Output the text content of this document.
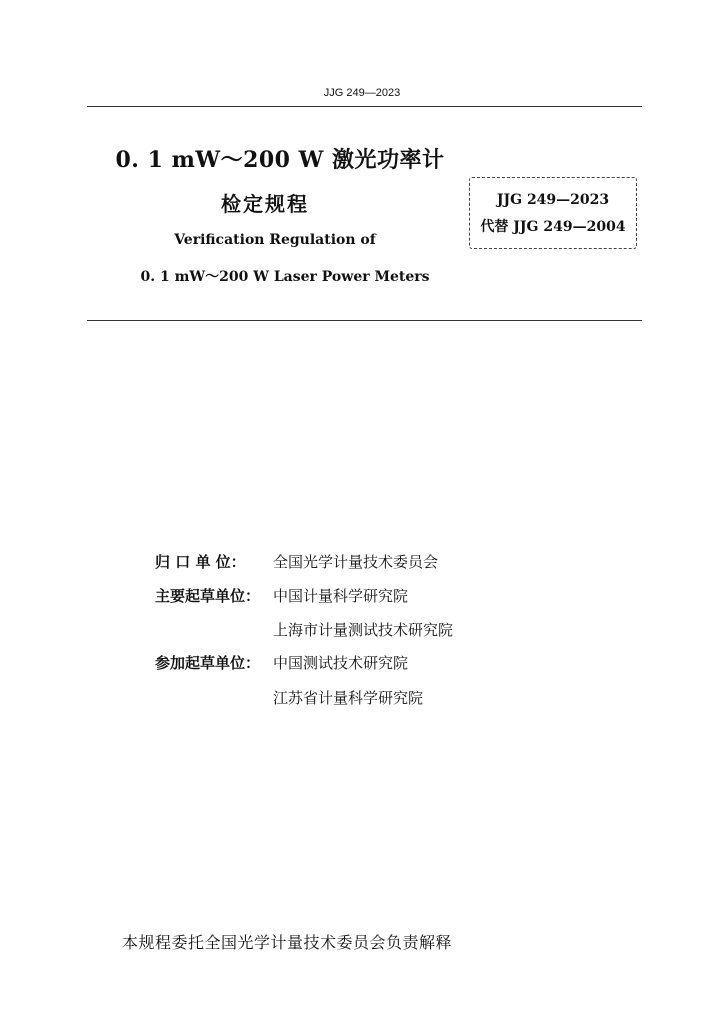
JJG 249—2023
0. 1 mW～200 W 激光功率计
检定规程
Verification Regulation of
0. 1 mW～200 W Laser Power Meters
JJG 249—2023
代替 JJG 249—2004
归 口 单 位： 全国光学计量技术委员会
主要起草单位： 中国计量科学研究院
上海市计量测试技术研究院
参加起草单位： 中国测试技术研究院
江苏省计量科学研究院
本规程委托全国光学计量技术委员会负责解释
